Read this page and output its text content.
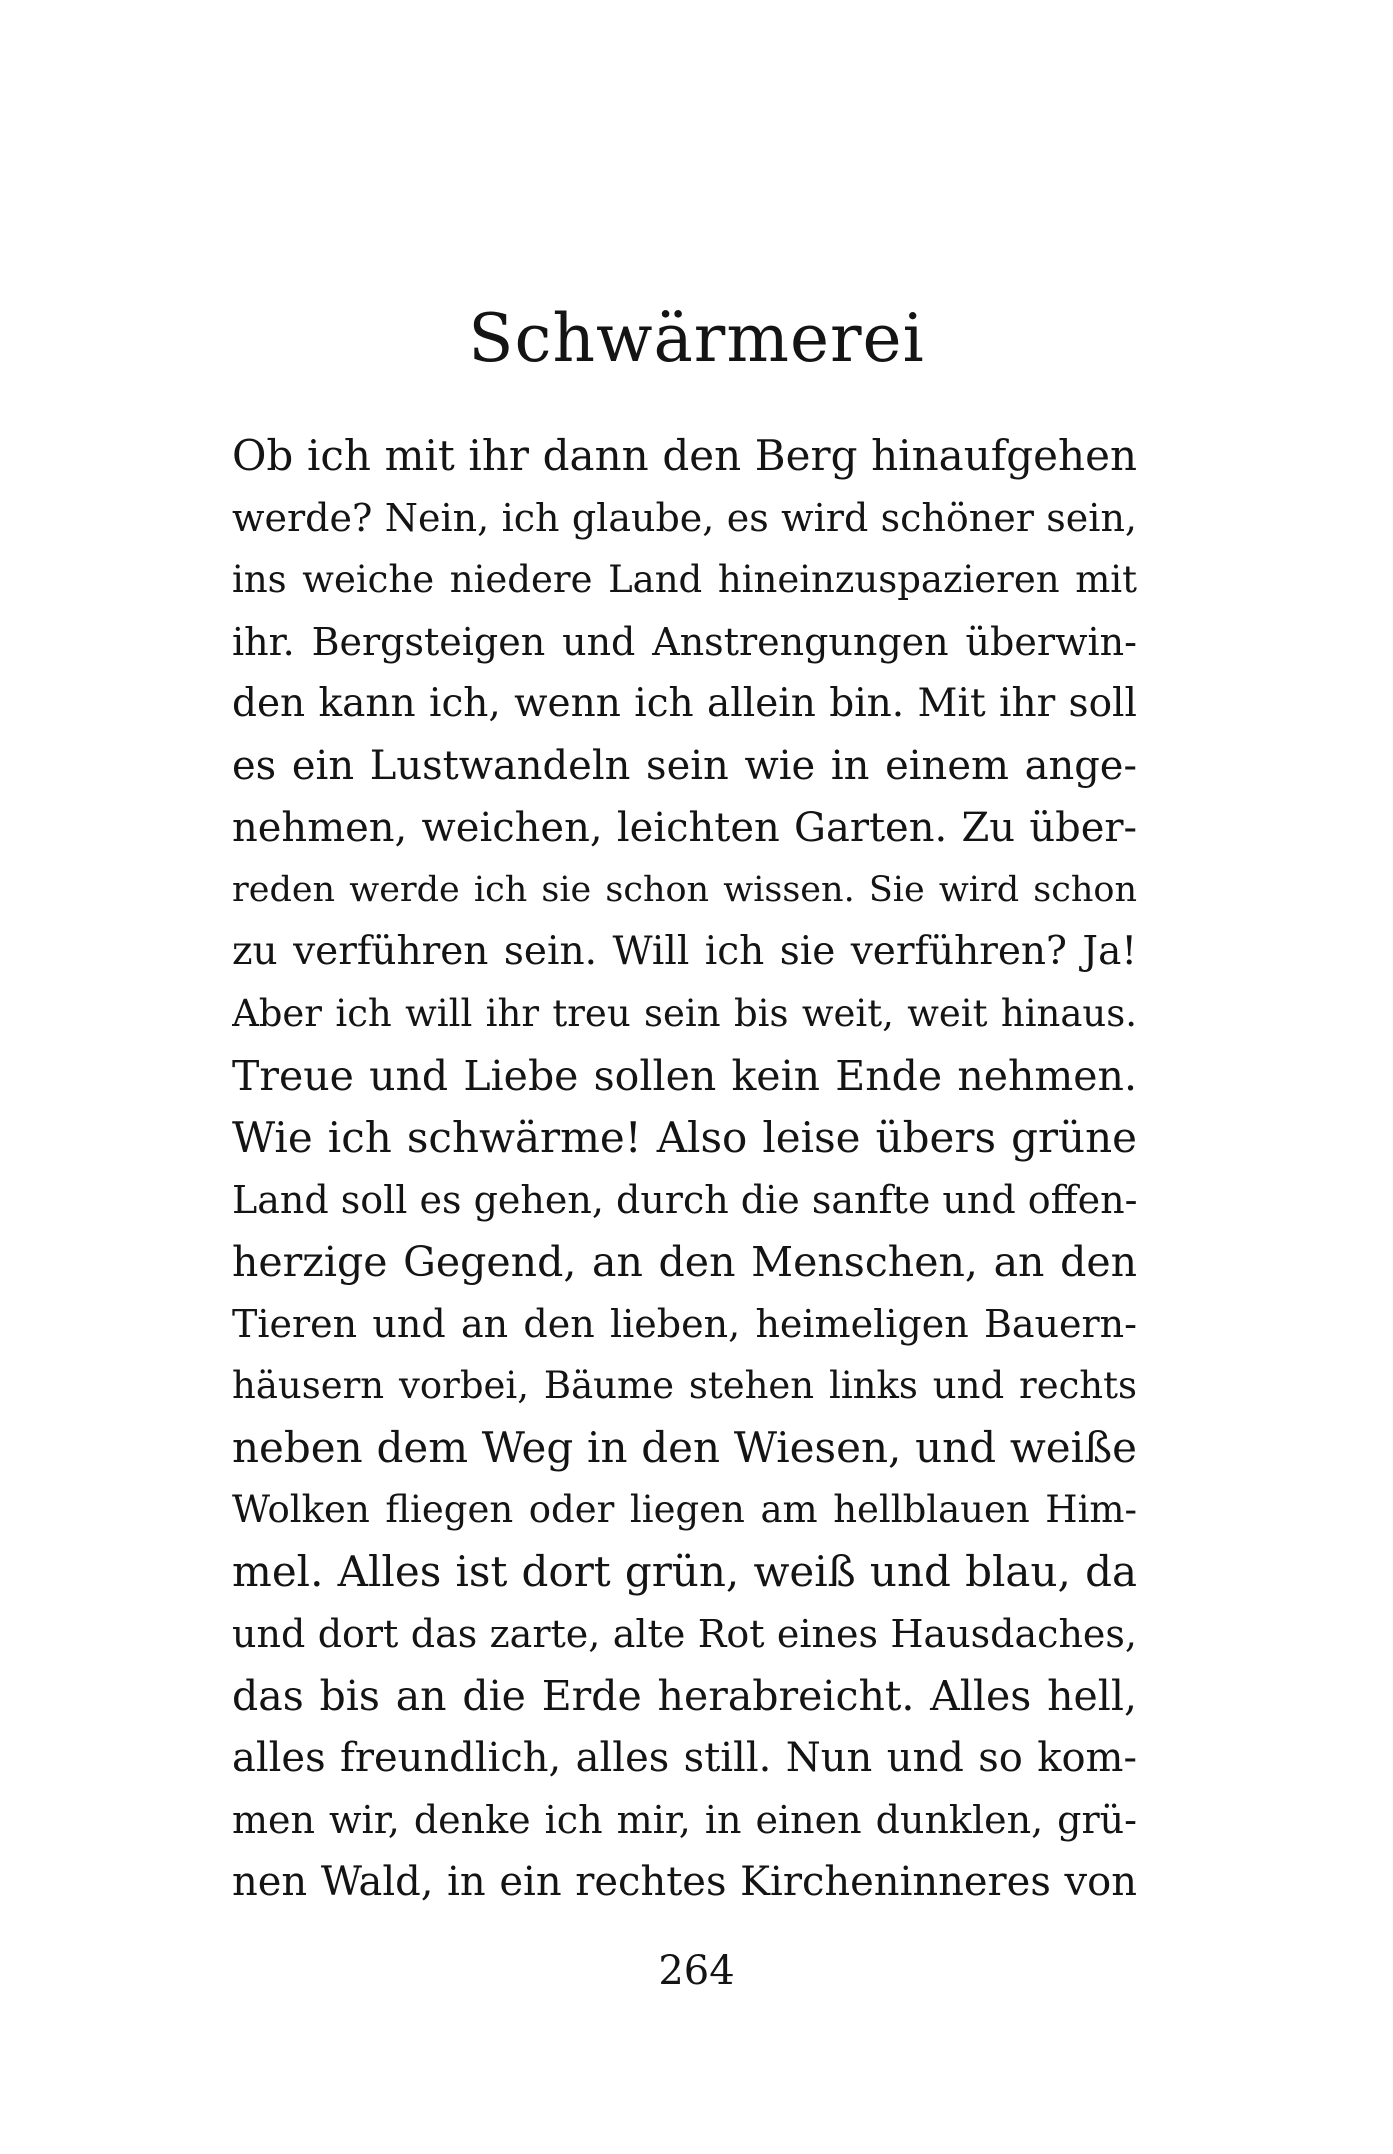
Schwärmerei
Ob ich mit ihr dann den Berg hinaufgehen
werde? Nein, ich glaube, es wird schöner sein,
ins weiche niedere Land hineinzuspazieren mit
ihr. Bergsteigen und Anstrengungen überwin-
den kann ich, wenn ich allein bin. Mit ihr soll
es ein Lustwandeln sein wie in einem ange-
nehmen, weichen, leichten Garten. Zu über-
reden werde ich sie schon wissen. Sie wird schon
zu verführen sein. Will ich sie verführen? Ja!
Aber ich will ihr treu sein bis weit, weit hinaus.
Treue und Liebe sollen kein Ende nehmen.
Wie ich schwärme! Also leise übers grüne
Land soll es gehen, durch die sanfte und offen-
herzige Gegend, an den Menschen, an den
Tieren und an den lieben, heimeligen Bauern-
häusern vorbei, Bäume stehen links und rechts
neben dem Weg in den Wiesen, und weiße
Wolken fliegen oder liegen am hellblauen Him-
mel. Alles ist dort grün, weiß und blau, da
und dort das zarte, alte Rot eines Hausdaches,
das bis an die Erde herabreicht. Alles hell,
alles freundlich, alles still. Nun und so kom-
men wir, denke ich mir, in einen dunklen, grü-
nen Wald, in ein rechtes Kircheninneres von
264
